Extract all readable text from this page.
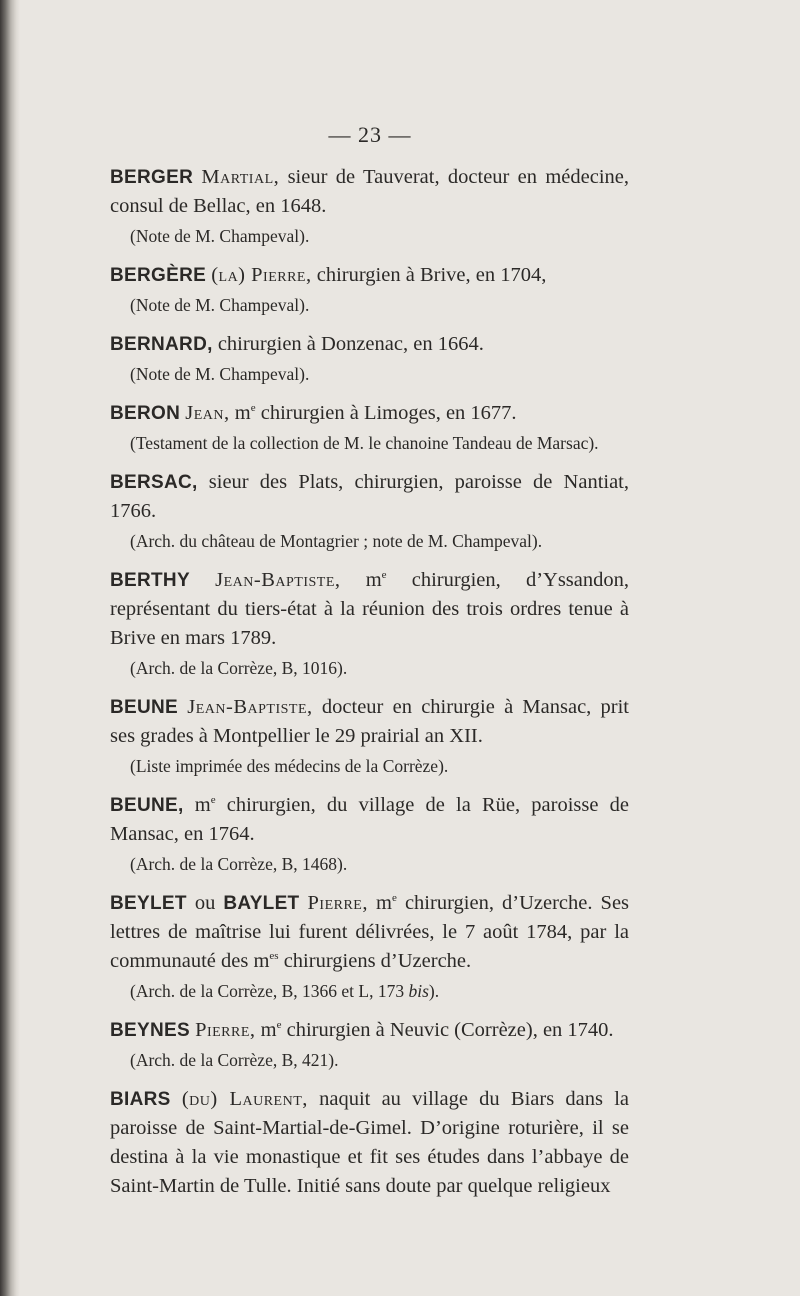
— 23 —

BERGER Martial, sieur de Tauverat, docteur en médecine, consul de Bellac, en 1648.

(Note de M. Champeval).

BERGÈRE (la) Pierre, chirurgien à Brive, en 1704,

(Note de M. Champeval).

BERNARD, chirurgien à Donzenac, en 1664.

(Note de M. Champeval).

BERON Jean, $m^e$ chirurgien à Limoges, en 1677.

(Testament de la collection de M. le chanoine Tandeau de Marsac).

BERSAC, sieur des Plats, chirurgien, paroisse de Nantiat, 1766.

(Arch. du château de Montagrier ; note de M. Champeval).

BERTHY Jean-Baptiste, $m^e$ chirurgien, d’Yssandon, représentant du tiers-état à la réunion des trois ordres tenue à Brive en mars 1789.

(Arch. de la Corrèze, B, 1016).

BEUNE Jean-Baptiste, docteur en chirurgie à Mansac, prit ses grades à Montpellier le 29 prairial an XII.

(Liste imprimée des médecins de la Corrèze).

BEUNE, $m^e$ chirurgien, du village de la Rüe, paroisse de Mansac, en 1764.

(Arch. de la Corrèze, B, 1468).

BEYLET ou BAYLET Pierre, $m^e$ chirurgien, d’Uzerche. Ses lettres de maîtrise lui furent délivrées, le 7 août 1784, par la communauté des $m^{es}$ chirurgiens d’Uzerche.

(Arch. de la Corrèze, B, 1366 et L, 173 bis).

BEYNES Pierre, $m^e$ chirurgien à Neuvic (Corrèze), en 1740.

(Arch. de la Corrèze, B, 421).

BIARS (du) Laurent, naquit au village du Biars dans la paroisse de Saint-Martial-de-Gimel. D’origine roturière, il se destina à la vie monastique et fit ses études dans l’abbaye de Saint-Martin de Tulle. Initié sans doute par quelque religieux
